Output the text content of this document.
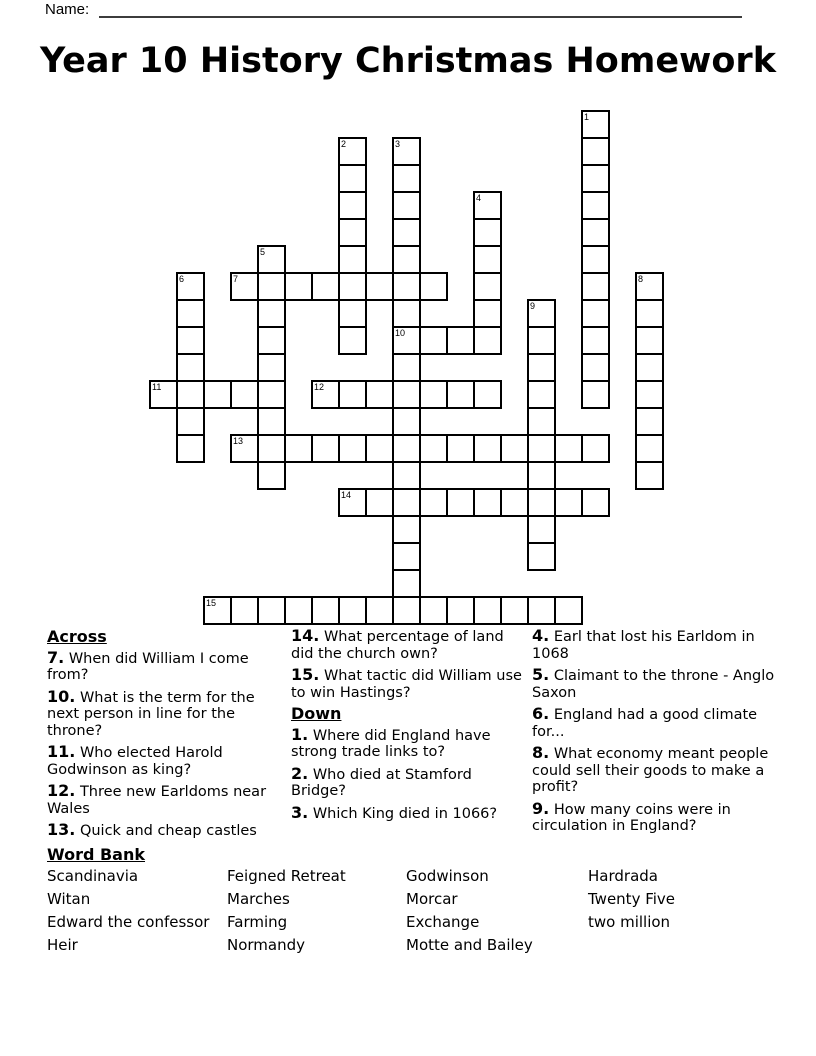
Name:
Year 10 History Christmas Homework
1
2	3
10
4
5
6	7	8
9
11	12
13
14
15
Across
7. When did William I come from?
10. What is the term for the next person in line for the throne?
11. Who elected Harold Godwinson as king?
12. Three new Earldoms near Wales
13. Quick and cheap castles
14. What percentage of land did the church own?
15. What tactic did William use to win Hastings?
Down
1. Where did England have strong trade links to?
2. Who died at Stamford Bridge?
3. Which King died in 1066?
4. Earl that lost his Earldom in 1068
5. Claimant to the throne - Anglo Saxon
6. England had a good climate for...
8. What economy meant people could sell their goods to make a profit?
9. How many coins were in circulation in England?
Word Bank
Scandinavia
Witan
Edward the confessor
Heir
Feigned Retreat
Marches
Farming
Normandy
Godwinson
Morcar
Exchange
Motte and Bailey
Hardrada
Twenty Five
two million
